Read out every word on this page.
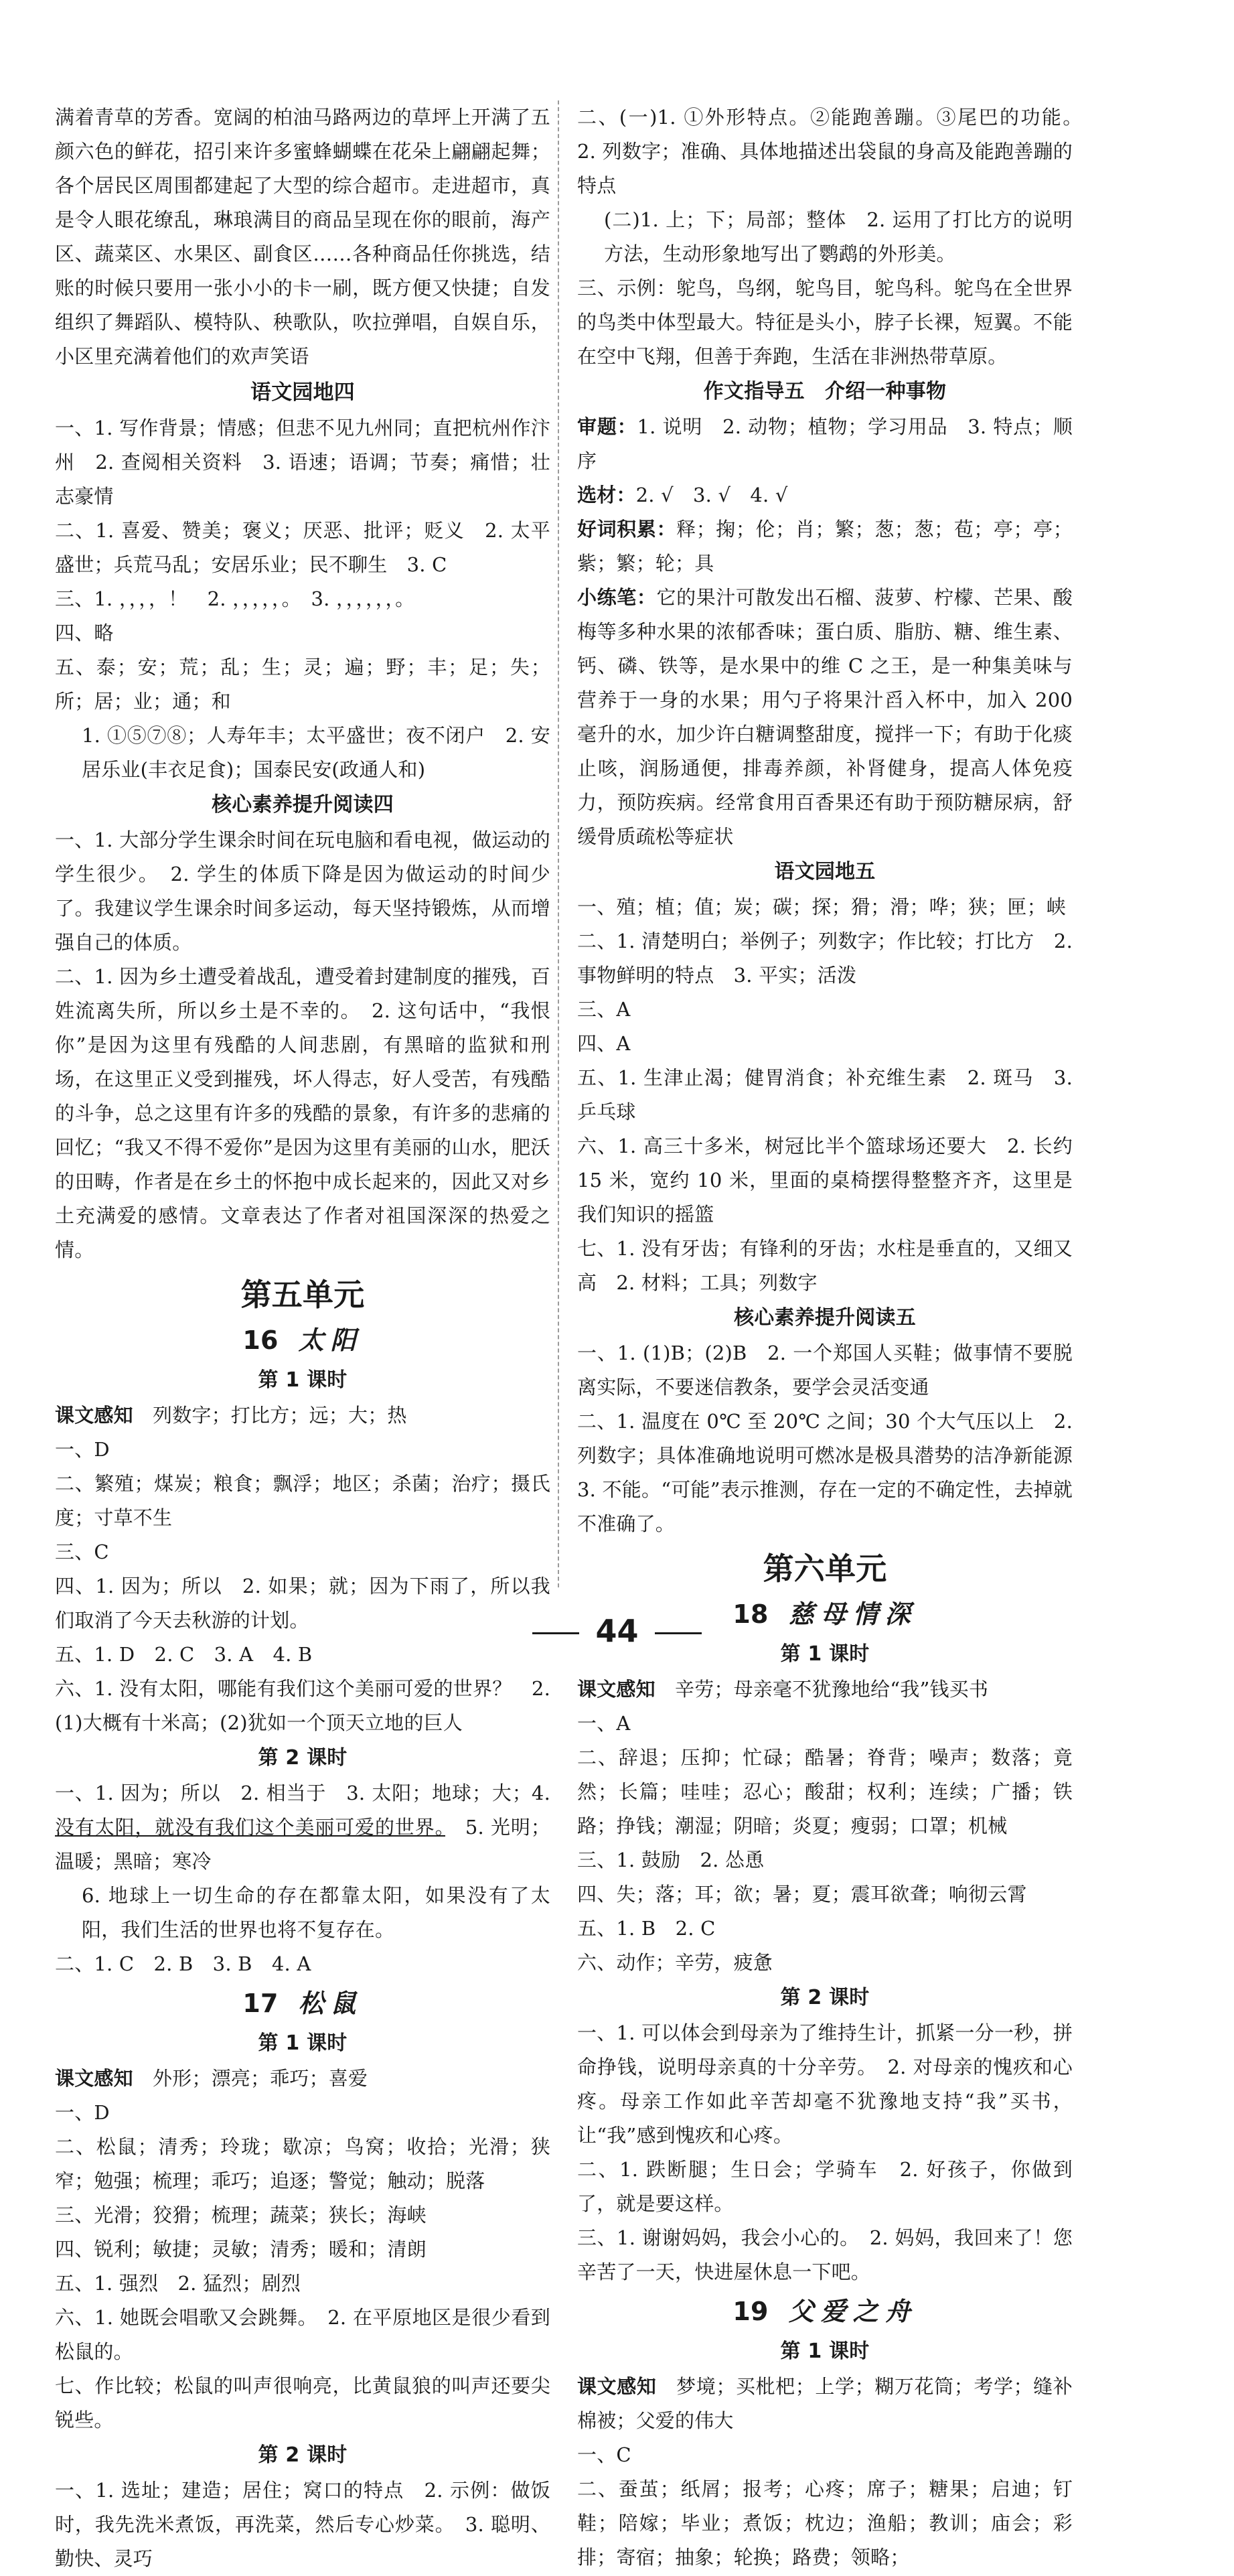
满着青草的芳香。宽阔的柏油马路两边的草坪上开满了五颜六色的鲜花，招引来许多蜜蜂蝴蝶在花朵上翩翩起舞；各个居民区周围都建起了大型的综合超市。走进超市，真是令人眼花缭乱，琳琅满目的商品呈现在你的眼前，海产区、蔬菜区、水果区、副食区……各种商品任你挑选，结账的时候只要用一张小小的卡一刷，既方便又快捷；自发组织了舞蹈队、模特队、秧歌队，吹拉弹唱，自娱自乐，小区里充满着他们的欢声笑语

语文园地四

一、1. 写作背景；情感；但悲不见九州同；直把杭州作汴州　2. 查阅相关资料　3. 语速；语调；节奏；痛惜；壮志豪情

二、1. 喜爱、赞美；褒义；厌恶、批评；贬义　2. 太平盛世；兵荒马乱；安居乐业；民不聊生　3. C

三、1. ，，，，！　2. ，，，，，。　3. ，，，，，，。

四、略

五、泰；安；荒；乱；生；灵；遍；野；丰；足；失；所；居；业；通；和

1. ①⑤⑦⑧；人寿年丰；太平盛世；夜不闭户　2. 安居乐业(丰衣足食)；国泰民安(政通人和)

核心素养提升阅读四

一、1. 大部分学生课余时间在玩电脑和看电视，做运动的学生很少。　2. 学生的体质下降是因为做运动的时间少了。我建议学生课余时间多运动，每天坚持锻炼，从而增强自己的体质。

二、1. 因为乡土遭受着战乱，遭受着封建制度的摧残，百姓流离失所，所以乡土是不幸的。　2. 这句话中，“我恨你”是因为这里有残酷的人间悲剧，有黑暗的监狱和刑场，在这里正义受到摧残，坏人得志，好人受苦，有残酷的斗争，总之这里有许多的残酷的景象，有许多的悲痛的回忆；“我又不得不爱你”是因为这里有美丽的山水，肥沃的田畴，作者是在乡土的怀抱中成长起来的，因此又对乡土充满爱的感情。文章表达了作者对祖国深深的热爱之情。

第五单元
16 太阳
第 1 课时

课文感知　 列数字；打比方；远；大；热

一、D

二、繁殖；煤炭；粮食；飘浮；地区；杀菌；治疗；摄氏度；寸草不生

三、C

四、1. 因为；所以　2. 如果；就；因为下雨了，所以我们取消了今天去秋游的计划。

五、1. D　2. C　3. A　4. B

六、1. 没有太阳，哪能有我们这个美丽可爱的世界？　2. (1)大概有十米高；(2)犹如一个顶天立地的巨人

第 2 课时

一、1. 因为；所以　2. 相当于　3. 太阳；地球；大；4. 没有太阳，就没有我们这个美丽可爱的世界。　5. 光明；温暖；黑暗；寒冷

6. 地球上一切生命的存在都靠太阳，如果没有了太阳，我们生活的世界也将不复存在。

二、1. C　2. B　3. B　4. A

17 松鼠
第 1 课时

课文感知　 外形；漂亮；乖巧；喜爱

一、D

二、松鼠；清秀；玲珑；歇凉；鸟窝；收拾；光滑；狭窄；勉强；梳理；乖巧；追逐；警觉；触动；脱落

三、光滑；狡猾；梳理；蔬菜；狭长；海峡

四、锐利；敏捷；灵敏；清秀；暖和；清朗

五、1. 强烈　2. 猛烈；剧烈

六、1. 她既会唱歌又会跳舞。　2. 在平原地区是很少看到松鼠的。

七、作比较；松鼠的叫声很响亮，比黄鼠狼的叫声还要尖锐些。

第 2 课时

一、1. 选址；建造；居住；窝口的特点　2. 示例：做饭时，我先洗米煮饭，再洗菜，然后专心炒菜。　3. 聪明、勤快、灵巧

二、(一)1. ①外形特点。②能跑善蹦。③尾巴的功能。　2. 列数字；准确、具体地描述出袋鼠的身高及能跑善蹦的特点

(二)1. 上；下；局部；整体　2. 运用了打比方的说明方法，生动形象地写出了鹦鹉的外形美。

三、示例：鸵鸟，鸟纲，鸵鸟目，鸵鸟科。鸵鸟在全世界的鸟类中体型最大。特征是头小，脖子长裸，短翼。不能在空中飞翔，但善于奔跑，生活在非洲热带草原。

作文指导五　介绍一种事物

审题：1. 说明　2. 动物；植物；学习用品　3. 特点；顺序

选材：2. √　3. √　4. √

好词积累：释；掬；伦；肖；繁；葱；葱；苞；亭；亭；紫；繁；轮；具

小练笔：它的果汁可散发出石榴、菠萝、柠檬、芒果、酸梅等多种水果的浓郁香味；蛋白质、脂肪、糖、维生素、钙、磷、铁等，是水果中的维 C 之王，是一种集美味与营养于一身的水果；用勺子将果汁舀入杯中，加入 200 毫升的水，加少许白糖调整甜度，搅拌一下；有助于化痰止咳，润肠通便，排毒养颜，补肾健身，提高人体免疫力，预防疾病。经常食用百香果还有助于预防糖尿病，舒缓骨质疏松等症状

语文园地五

一、殖；植；值；炭；碳；探；猾；滑；哗；狭；匣；峡

二、1. 清楚明白；举例子；列数字；作比较；打比方　2. 事物鲜明的特点　3. 平实；活泼

三、A

四、A

五、1. 生津止渴；健胃消食；补充维生素　2. 斑马　3. 乒乓球

六、1. 高三十多米，树冠比半个篮球场还要大　2. 长约 15 米，宽约 10 米，里面的桌椅摆得整整齐齐，这里是我们知识的摇篮

七、1. 没有牙齿；有锋利的牙齿；水柱是垂直的，又细又高　2. 材料；工具；列数字

核心素养提升阅读五

一、1. (1)B；(2)B　2. 一个郑国人买鞋；做事情不要脱离实际，不要迷信教条，要学会灵活变通

二、1. 温度在 0℃ 至 20℃ 之间；30 个大气压以上　2. 列数字；具体准确地说明可燃冰是极具潜势的洁净新能源　3. 不能。“可能”表示推测，存在一定的不确定性，去掉就不准确了。

第六单元
18 慈母情深
第 1 课时

课文感知　 辛劳；母亲毫不犹豫地给“我”钱买书

一、A

二、辞退；压抑；忙碌；酷暑；脊背；噪声；数落；竟然；长篇；哇哇；忍心；酸甜；权利；连续；广播；铁路；挣钱；潮湿；阴暗；炎夏；瘦弱；口罩；机械

三、1. 鼓励　2. 怂恿

四、失；落；耳；欲；暑；夏；震耳欲聋；响彻云霄

五、1. B　2. C

六、动作；辛劳，疲惫

第 2 课时

一、1. 可以体会到母亲为了维持生计，抓紧一分一秒，拼命挣钱，说明母亲真的十分辛劳。　2. 对母亲的愧疚和心疼。母亲工作如此辛苦却毫不犹豫地支持“我”买书，让“我”感到愧疚和心疼。

二、1. 跌断腿；生日会；学骑车　2. 好孩子，你做到了，就是要这样。

三、1. 谢谢妈妈，我会小心的。　2. 妈妈，我回来了！您辛苦了一天，快进屋休息一下吧。

19 父爱之舟
第 1 课时

课文感知　 梦境；买枇杷；上学；糊万花筒；考学；缝补棉被；父爱的伟大

一、C

二、蚕茧；纸屑；报考；心疼；席子；糖果；启迪；钉鞋；陪嫁；毕业；煮饭；枕边；渔船；教训；庙会；彩排；寄宿；抽象；轮换；路费；领略；

44
